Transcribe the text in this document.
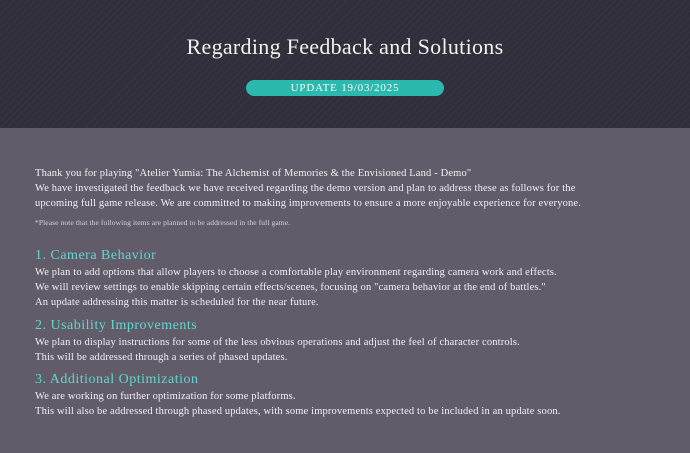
Regarding Feedback and Solutions
UPDATE 19/03/2025
Thank you for playing "Atelier Yumia: The Alchemist of Memories & the Envisioned Land - Demo"
We have investigated the feedback we have received regarding the demo version and plan to address these as follows for the
upcoming full game release. We are committed to making improvements to ensure a more enjoyable experience for everyone.
*Please note that the following items are planned to be addressed in the full game.
1. Camera Behavior
We plan to add options that allow players to choose a comfortable play environment regarding camera work and effects.
We will review settings to enable skipping certain effects/scenes, focusing on "camera behavior at the end of battles."
An update addressing this matter is scheduled for the near future.
2. Usability Improvements
We plan to display instructions for some of the less obvious operations and adjust the feel of character controls.
This will be addressed through a series of phased updates.
3. Additional Optimization
We are working on further optimization for some platforms.
This will also be addressed through phased updates, with some improvements expected to be included in an update soon.
